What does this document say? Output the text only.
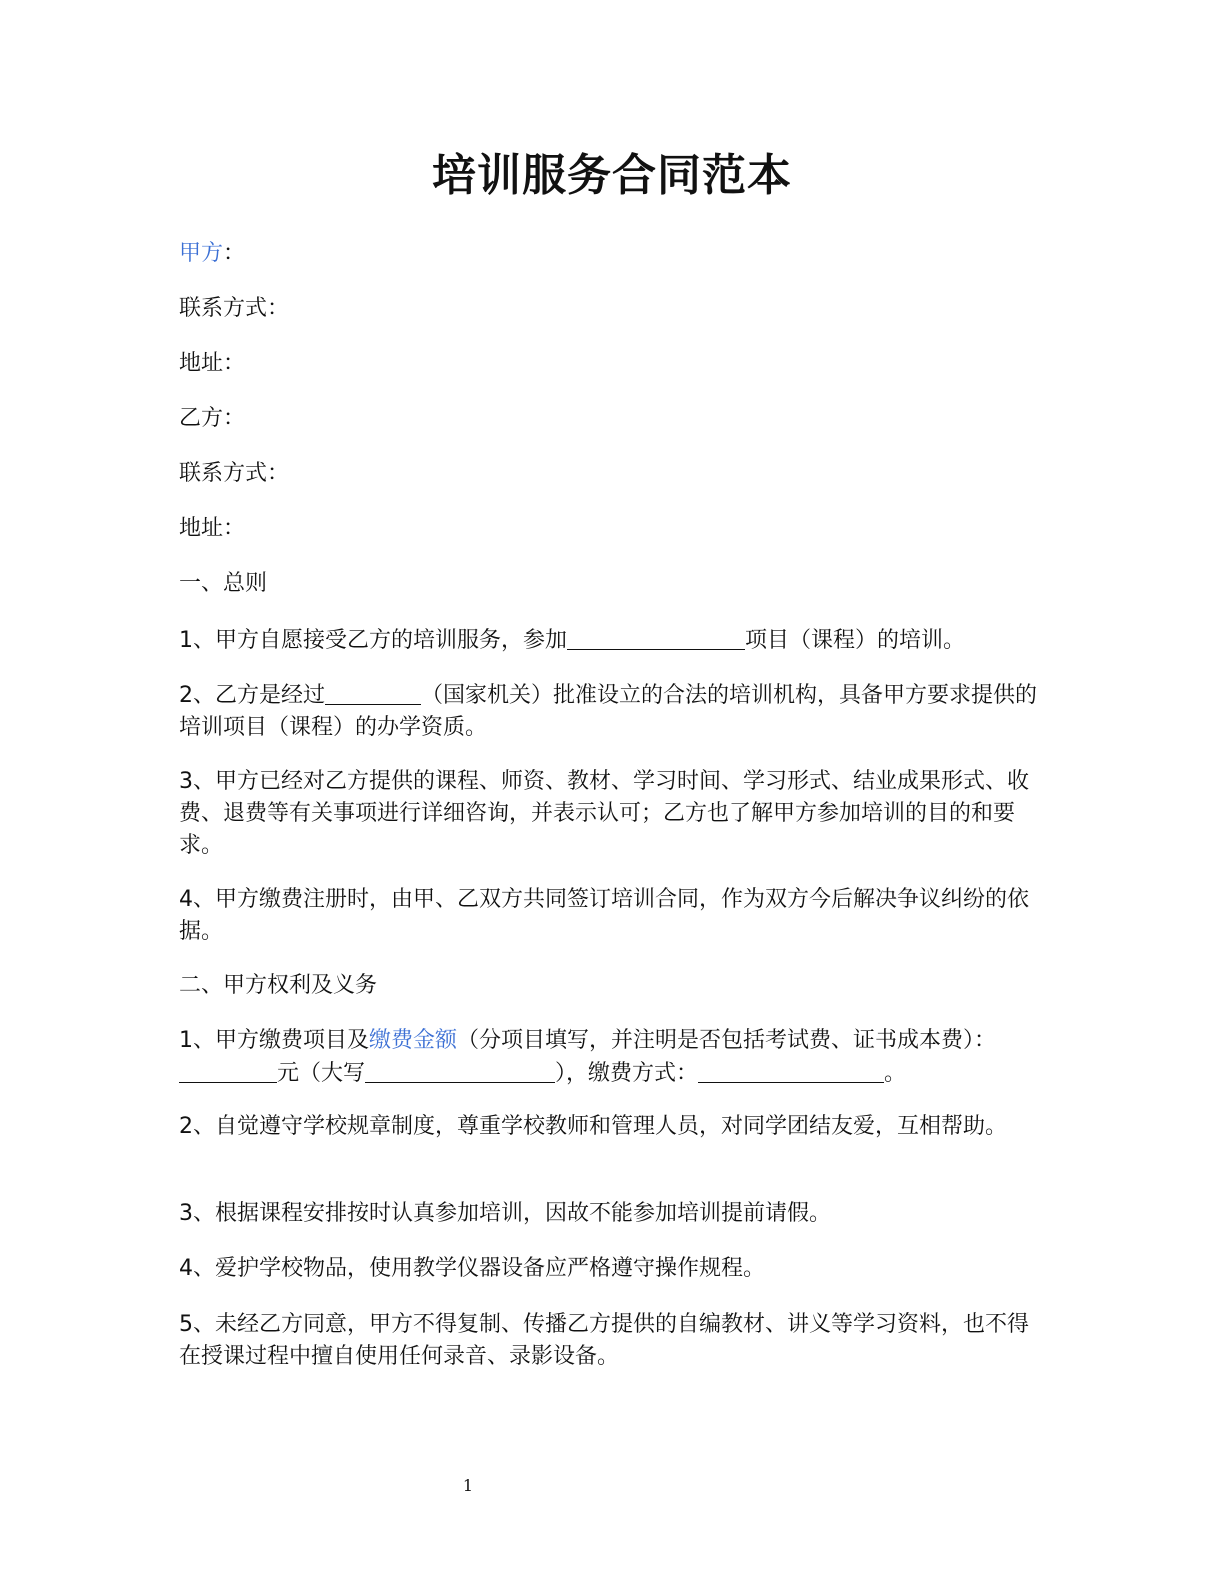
培训服务合同范本

甲方：

联系方式：

地址：

乙方：

联系方式：

地址：

一、总则

1、甲方自愿接受乙方的培训服务，参加	项目（课程）的培训。

2、乙方是经过	（国家机关）批准设立的合法的培训机构，具备甲方要求提供的培训项目（课程）的办学资质。

3、甲方已经对乙方提供的课程、师资、教材、学习时间、学习形式、结业成果形式、收费、退费等有关事项进行详细咨询，并表示认可；乙方也了解甲方参加培训的目的和要求。

4、甲方缴费注册时，由甲、乙双方共同签订培训合同，作为双方今后解决争议纠纷的依据。

二、甲方权利及义务

1、甲方缴费项目及缴费金额（分项目填写，并注明是否包括考试费、证书成本费）：元（大写	），缴费方式：	。

2、自觉遵守学校规章制度，尊重学校教师和管理人员，对同学团结友爱，互相帮助。

3、根据课程安排按时认真参加培训，因故不能参加培训提前请假。

4、爱护学校物品，使用教学仪器设备应严格遵守操作规程。

5、未经乙方同意，甲方不得复制、传播乙方提供的自编教材、讲义等学习资料，也不得在授课过程中擅自使用任何录音、录影设备。

1
